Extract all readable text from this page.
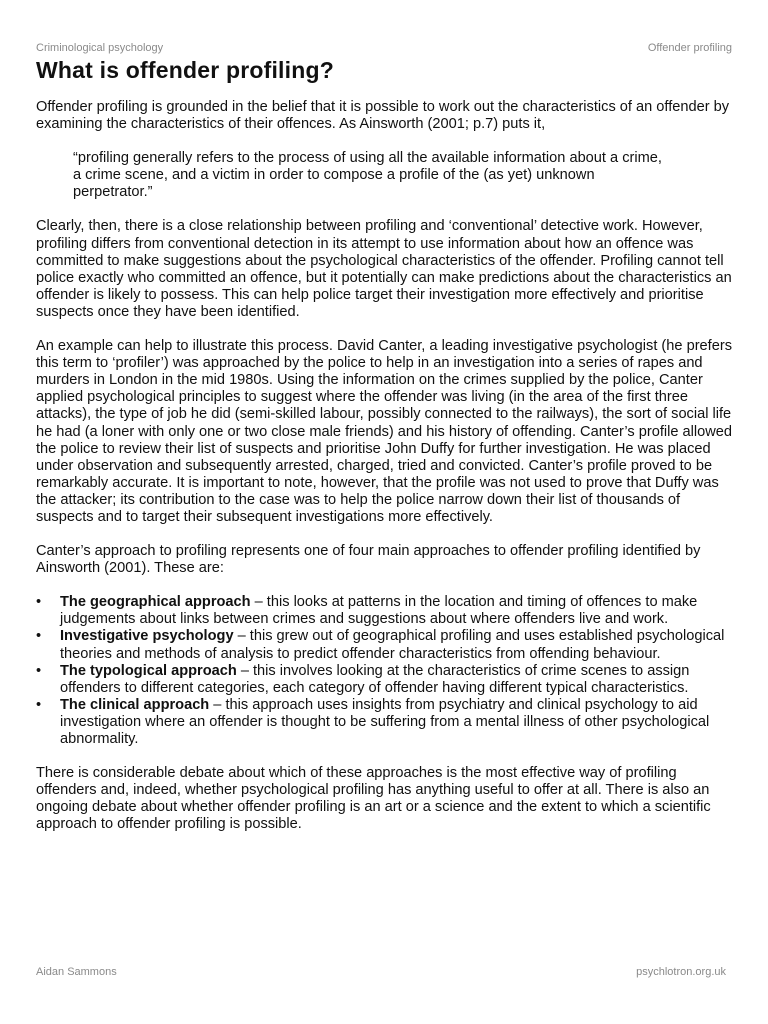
Criminological psychology	Offender profiling
What is offender profiling?

Offender profiling is grounded in the belief that it is possible to work out the characteristics of an offender by examining the characteristics of their offences. As Ainsworth (2001; p.7) puts it,

“profiling generally refers to the process of using all the available information about a crime, a crime scene, and a victim in order to compose a profile of the (as yet) unknown perpetrator.”

Clearly, then, there is a close relationship between profiling and ‘conventional’ detective work. However, profiling differs from conventional detection in its attempt to use information about how an offence was committed to make suggestions about the psychological characteristics of the offender. Profiling cannot tell police exactly who committed an offence, but it potentially can make predictions about the characteristics an offender is likely to possess. This can help police target their investigation more effectively and prioritise suspects once they have been identified.

An example can help to illustrate this process. David Canter, a leading investigative psychologist (he prefers this term to ‘profiler’) was approached by the police to help in an investigation into a series of rapes and murders in London in the mid 1980s. Using the information on the crimes supplied by the police, Canter applied psychological principles to suggest where the offender was living (in the area of the first three attacks), the type of job he did (semi-skilled labour, possibly connected to the railways), the sort of social life he had (a loner with only one or two close male friends) and his history of offending. Canter’s profile allowed the police to review their list of suspects and prioritise John Duffy for further investigation. He was placed under observation and subsequently arrested, charged, tried and convicted. Canter’s profile proved to be remarkably accurate. It is important to note, however, that the profile was not used to prove that Duffy was the attacker; its contribution to the case was to help the police narrow down their list of thousands of suspects and to target their subsequent investigations more effectively.

Canter’s approach to profiling represents one of four main approaches to offender profiling identified by Ainsworth (2001). These are:

• The geographical approach – this looks at patterns in the location and timing of offences to make judgements about links between crimes and suggestions about where offenders live and work.
• Investigative psychology – this grew out of geographical profiling and uses established psychological theories and methods of analysis to predict offender characteristics from offending behaviour.
• The typological approach – this involves looking at the characteristics of crime scenes to assign offenders to different categories, each category of offender having different typical characteristics.
• The clinical approach – this approach uses insights from psychiatry and clinical psychology to aid investigation where an offender is thought to be suffering from a mental illness of other psychological abnormality.

There is considerable debate about which of these approaches is the most effective way of profiling offenders and, indeed, whether psychological profiling has anything useful to offer at all. There is also an ongoing debate about whether offender profiling is an art or a science and the extent to which a scientific approach to offender profiling is possible.

Aidan Sammons	psychlotron.org.uk
